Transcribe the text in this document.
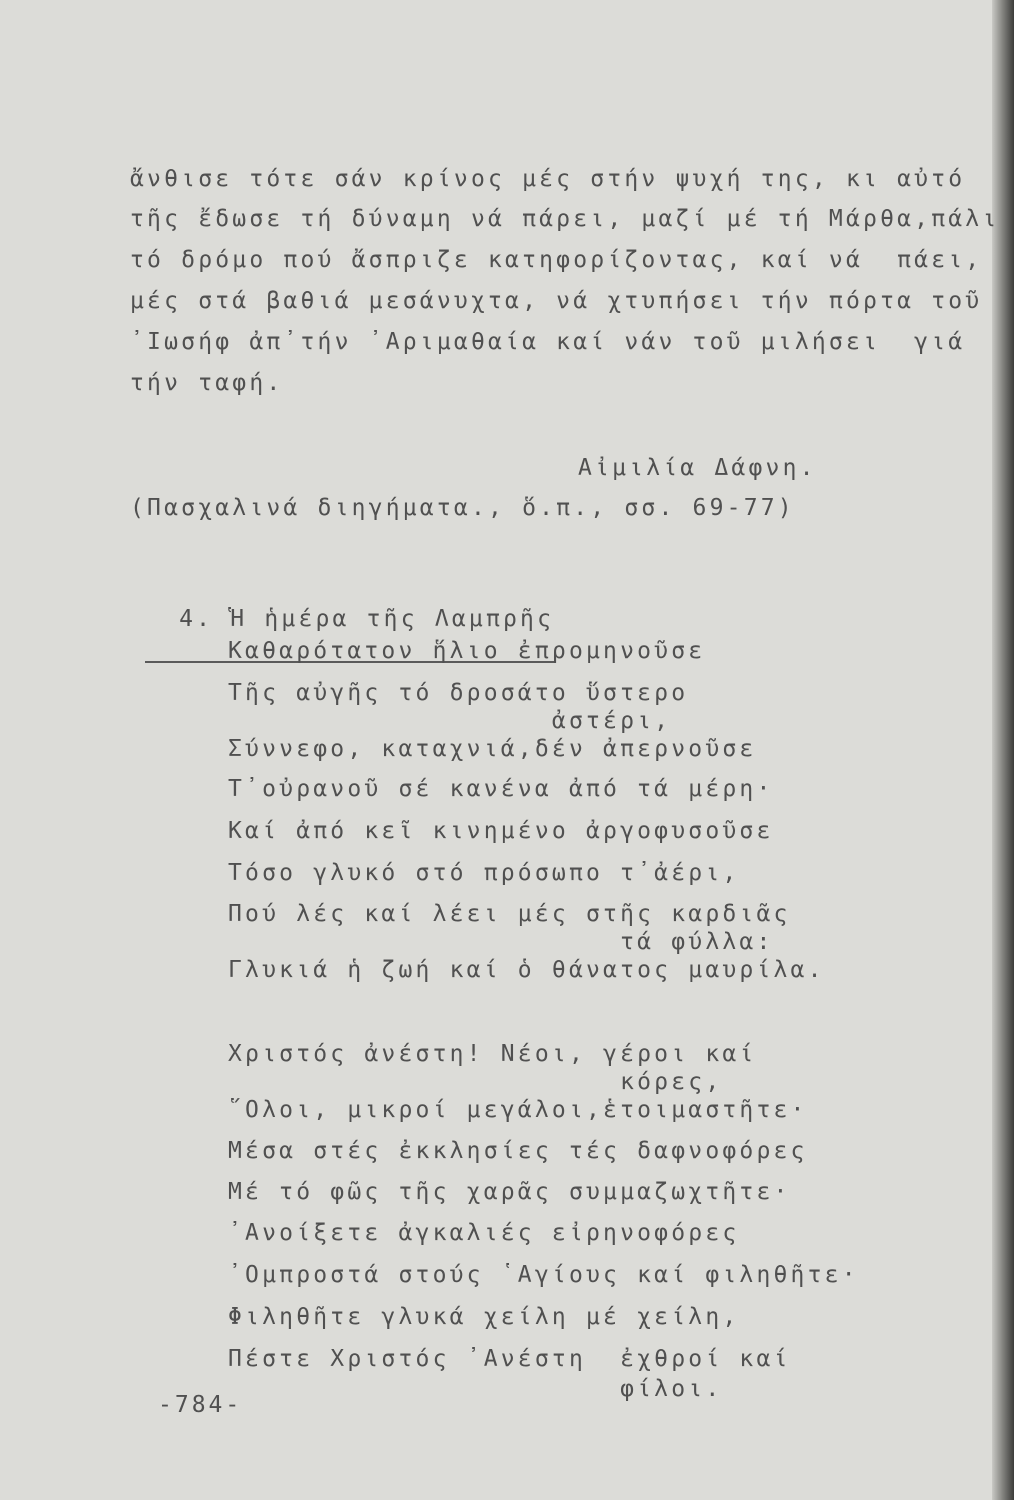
ἄνθισε τότε σάν κρίνος μές στήν ψυχή της, κι αὐτό
τῆς ἔδωσε τή δύναμη νά πάρει, μαζί μέ τή Μάρθα,πάλι
τό δρόμο πού ἄσπριζε κατηφορίζοντας, καί νά  πάει,
μές στά βαθιά μεσάνυχτα, νά χτυπήσει τήν πόρτα τοῦ
᾿Ιωσήφ ἀπ᾿τήν ᾿Αριμαθαία καί νάν τοῦ μιλήσει  γιά
τήν ταφή.
Αἰμιλία Δάφνη.
(Πασχαλινά διηγήματα., ὅ.π., σσ. 69-77)

4. Ἡ ἡμέρα τῆς Λαμπρῆς

Καθαρότατον ἥλιο ἐπρομηνοῦσε
Τῆς αὐγῆς τό δροσάτο ὕστερο
ἀστέρι,
Σύννεφο, καταχνιά,δέν ἀπερνοῦσε
Τ᾿οὐρανοῦ σέ κανένα ἀπό τά μέρη·
Καί ἀπό κεῖ κινημένο ἀργοφυσοῦσε
Τόσο γλυκό στό πρόσωπο τ᾿ἀέρι,
Πού λές καί λέει μές στῆς καρδιᾶς
τά φύλλα:
Γλυκιά ἡ ζωή καί ὁ θάνατος μαυρίλα.
Χριστός ἀνέστη! Νέοι, γέροι καί
κόρες,
῞Ολοι, μικροί μεγάλοι,ἑτοιμαστῆτε·
Μέσα στές ἐκκλησίες τές δαφνοφόρες
Μέ τό φῶς τῆς χαρᾶς συμμαζωχτῆτε·
᾿Ανοίξετε ἀγκαλιές εἰρηνοφόρες
᾿Ομπροστά στούς ῾Αγίους καί φιληθῆτε·
Φιληθῆτε γλυκά χείλη μέ χείλη,
Πέστε Χριστός ᾿Ανέστη  ἐχθροί καί
φίλοι.
-784-
